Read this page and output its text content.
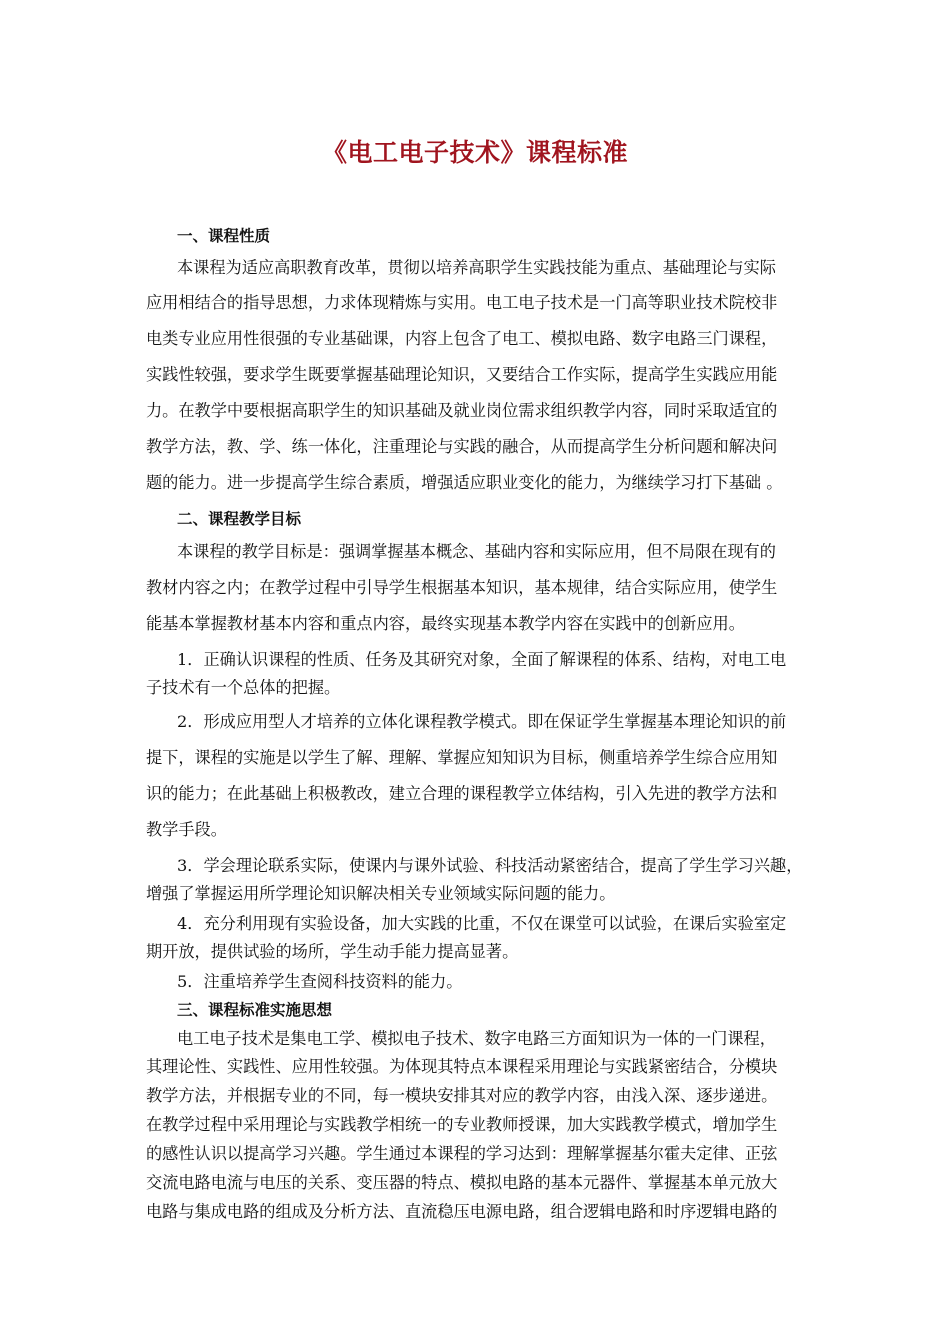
《电工电子技术》课程标准
一、课程性质
本课程为适应高职教育改革，贯彻以培养高职学生实践技能为重点、基础理论与实际
应用相结合的指导思想，力求体现精炼与实用。电工电子技术是一门高等职业技术院校非
电类专业应用性很强的专业基础课，内容上包含了电工、模拟电路、数字电路三门课程，
实践性较强，要求学生既要掌握基础理论知识，又要结合工作实际，提高学生实践应用能
力。在教学中要根据高职学生的知识基础及就业岗位需求组织教学内容，同时采取适宜的
教学方法，教、学、练一体化，注重理论与实践的融合，从而提高学生分析问题和解决问
题的能力。进一步提高学生综合素质，增强适应职业变化的能力，为继续学习打下基础 。
二、课程教学目标
本课程的教学目标是：强调掌握基本概念、基础内容和实际应用，但不局限在现有的
教材内容之内；在教学过程中引导学生根据基本知识，基本规律，结合实际应用，使学生
能基本掌握教材基本内容和重点内容，最终实现基本教学内容在实践中的创新应用。
1．正确认识课程的性质、任务及其研究对象，全面了解课程的体系、结构，对电工电
子技术有一个总体的把握。
2．形成应用型人才培养的立体化课程教学模式。即在保证学生掌握基本理论知识的前
提下，课程的实施是以学生了解、理解、掌握应知知识为目标，侧重培养学生综合应用知
识的能力；在此基础上积极教改，建立合理的课程教学立体结构，引入先进的教学方法和
教学手段。
3．学会理论联系实际，使课内与课外试验、科技活动紧密结合，提高了学生学习兴趣，
增强了掌握运用所学理论知识解决相关专业领域实际问题的能力。
4．充分利用现有实验设备，加大实践的比重，不仅在课堂可以试验，在课后实验室定
期开放，提供试验的场所，学生动手能力提高显著。
5．注重培养学生查阅科技资料的能力。
三、课程标准实施思想
电工电子技术是集电工学、模拟电子技术、数字电路三方面知识为一体的一门课程，
其理论性、实践性、应用性较强。为体现其特点本课程采用理论与实践紧密结合，分模块
教学方法，并根据专业的不同，每一模块安排其对应的教学内容，由浅入深、逐步递进。
在教学过程中采用理论与实践教学相统一的专业教师授课，加大实践教学模式，增加学生
的感性认识以提高学习兴趣。学生通过本课程的学习达到：理解掌握基尔霍夫定律、正弦
交流电路电流与电压的关系、变压器的特点、模拟电路的基本元器件、掌握基本单元放大
电路与集成电路的组成及分析方法、直流稳压电源电路，组合逻辑电路和时序逻辑电路的
